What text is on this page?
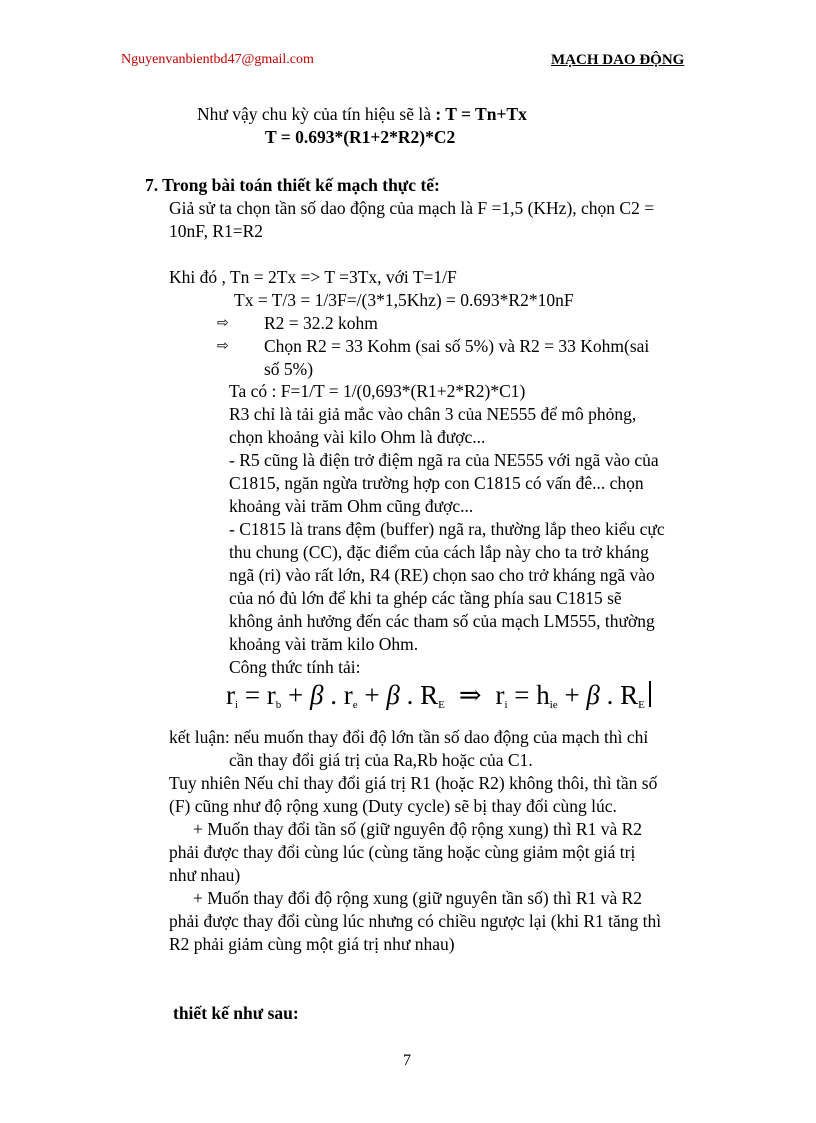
Nguyenvanbientbd47@gmail.com	MẠCH DAO ĐỘNG
Như vậy chu kỳ của tín hiệu sẽ là : T = Tn+Tx
T = 0.693*(R1+2*R2)*C2
7. Trong bài toán thiết kế mạch thực tế:
Giả sử ta chọn tần số dao động của mạch là F =1,5 (KHz), chọn C2 =
10nF, R1=R2
Khi đó , Tn = 2Tx => T =3Tx, với T=1/F
Tx = T/3 = 1/3F=/(3*1,5Khz) = 0.693*R2*10nF
⇨ R2 = 32.2 kohm
⇨ Chọn R2 = 33 Kohm (sai số 5%) và R2 = 33 Kohm(sai
số 5%)
Ta có : F=1/T = 1/(0,693*(R1+2*R2)*C1)
R3 chỉ là tải giả mắc vào chân 3 của NE555 để mô phỏng,
chọn khoảng vài kilo Ohm là được...
- R5 cũng là điện trở điệm ngã ra của NE555 với ngã vào của
C1815, ngăn ngừa trường hợp con C1815 có vấn đê... chọn
khoảng vài trăm Ohm cũng được...
- C1815 là trans đệm (buffer) ngã ra, thường lắp theo kiểu cực
thu chung (CC), đặc điểm của cách lắp này cho ta trở kháng
ngã (ri) vào rất lớn, R4 (RE) chọn sao cho trở kháng ngã vào
của nó đủ lớn để khi ta ghép các tầng phía sau C1815 sẽ
không ảnh hưởng đến các tham số của mạch LM555, thường
khoảng vài trăm kilo Ohm.
Công thức tính tải:
$r_i = r_b + \beta$ . $r_e + \beta$ . $R_E$ ⇒ $r_i = h_{ie} + \beta$ . $R_E$
kết luận: nếu muốn thay đổi độ lớn tần số dao động của mạch thì chỉ
cần thay đổi giá trị của Ra,Rb hoặc của C1.
Tuy nhiên Nếu chỉ thay đổi giá trị R1 (hoặc R2) không thôi, thì tần số
(F) cũng như độ rộng xung (Duty cycle) sẽ bị thay đổi cùng lúc.
+ Muốn thay đổi tần số (giữ nguyên độ rộng xung) thì R1 và R2
phải được thay đổi cùng lúc (cùng tăng hoặc cùng giảm một giá trị
như nhau)
+ Muốn thay đổi độ rộng xung (giữ nguyên tần số) thì R1 và R2
phải được thay đổi cùng lúc nhưng có chiều ngược lại (khi R1 tăng thì
R2 phải giảm cùng một giá trị như nhau)
thiết kế như sau:
7
